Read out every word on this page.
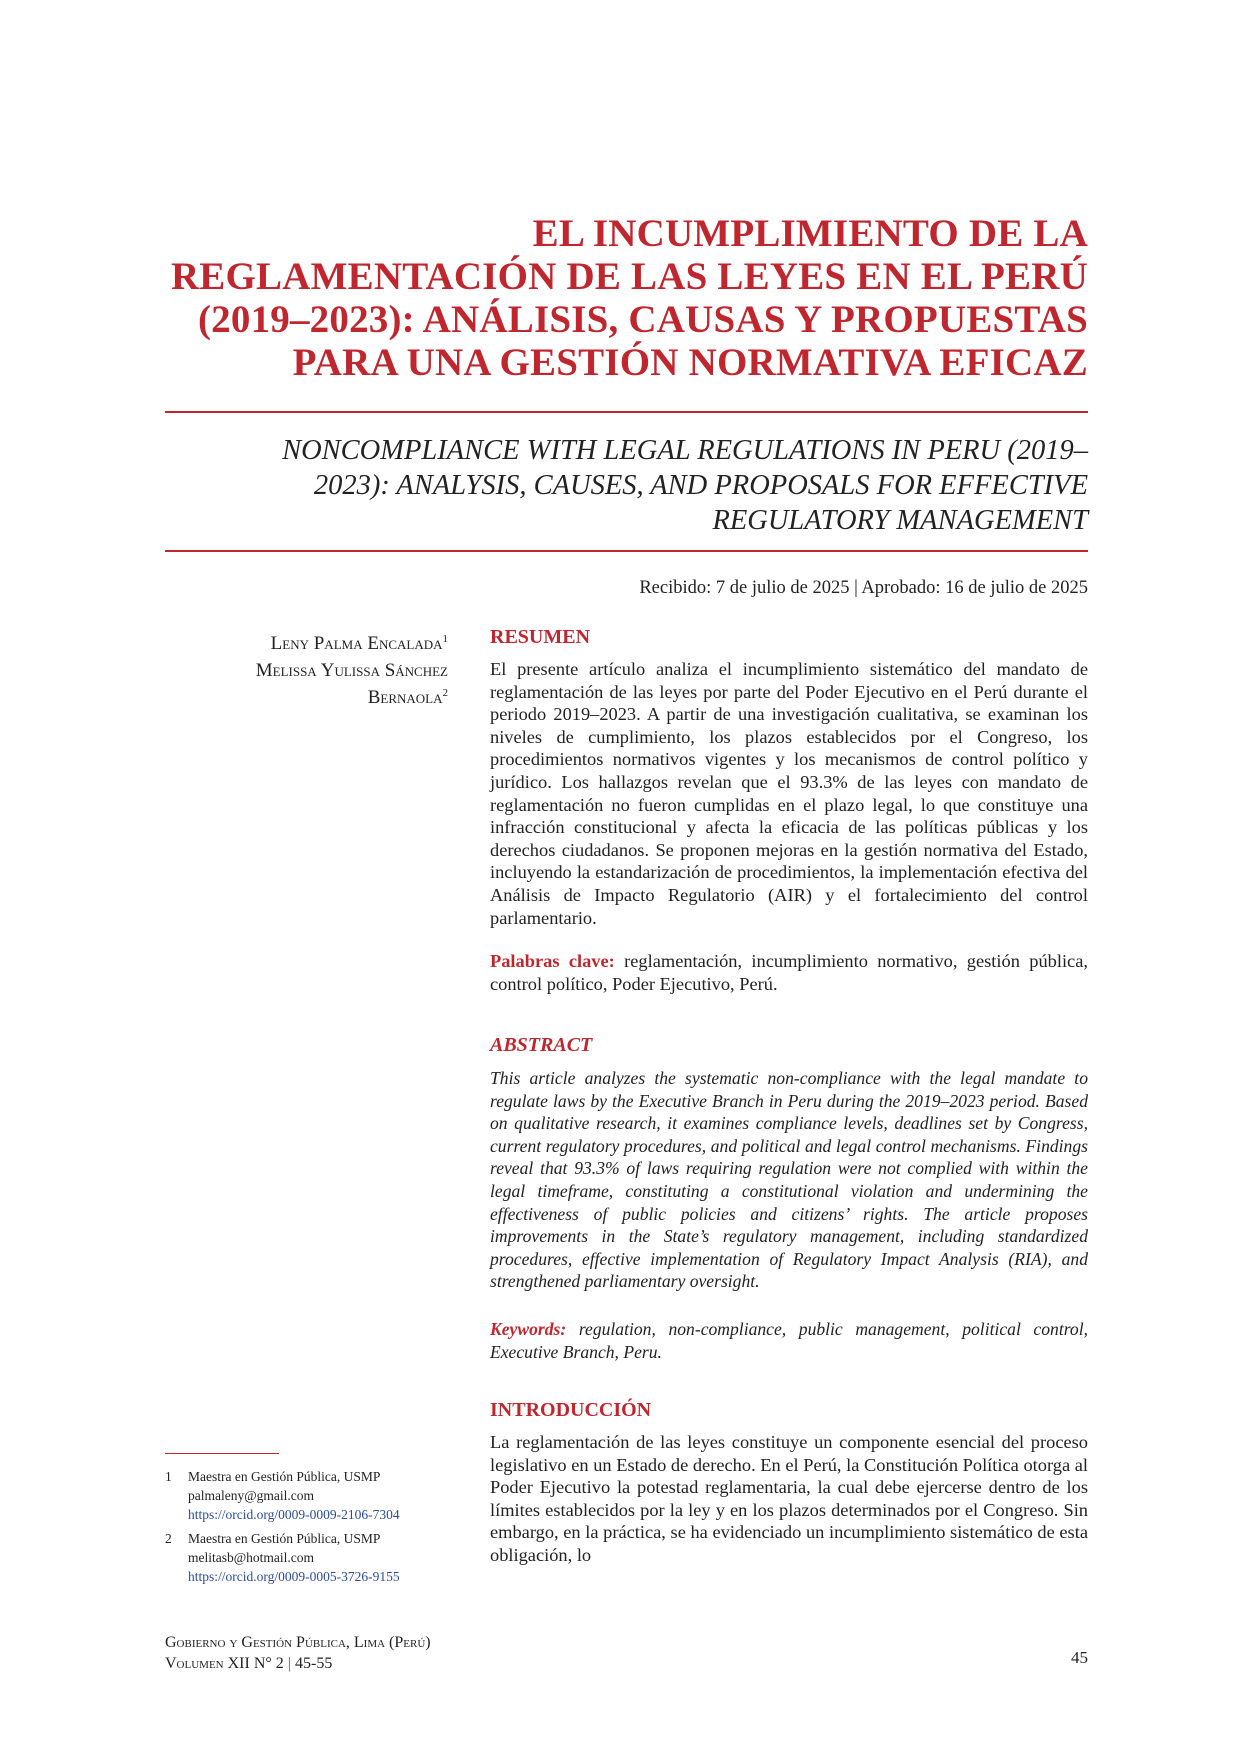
EL INCUMPLIMIENTO DE LA
REGLAMENTACIÓN DE LAS LEYES EN EL PERÚ
(2019–2023): ANÁLISIS, CAUSAS Y PROPUESTAS
PARA UNA GESTIÓN NORMATIVA EFICAZ
NONCOMPLIANCE WITH LEGAL REGULATIONS IN PERU (2019–
2023): ANALYSIS, CAUSES, AND PROPOSALS FOR EFFECTIVE
REGULATORY MANAGEMENT
Recibido: 7 de julio de 2025 | Aprobado: 16 de julio de 2025
Leny Palma Encalada$^1$
Melissa Yulissa Sánchez
Bernaola$^2$
RESUMEN
El presente artículo analiza el incumplimiento sistemático del mandato de reglamentación de las leyes por parte del Poder Ejecutivo en el Perú durante el periodo 2019–2023. A partir de una investigación cualitativa, se examinan los niveles de cumplimiento, los plazos establecidos por el Congreso, los procedimientos normativos vigentes y los mecanismos de control político y jurídico. Los hallazgos revelan que el 93.3% de las leyes con mandato de reglamentación no fueron cumplidas en el plazo legal, lo que constituye una infracción constitucional y afecta la eficacia de las políticas públicas y los derechos ciudadanos. Se proponen mejoras en la gestión normativa del Estado, incluyendo la estandarización de procedimientos, la implementación efectiva del Análisis de Impacto Regulatorio (AIR) y el fortalecimiento del control parlamentario.
Palabras clave: reglamentación, incumplimiento normativo, gestión pública, control político, Poder Ejecutivo, Perú.
ABSTRACT
This article analyzes the systematic non-compliance with the legal mandate to regulate laws by the Executive Branch in Peru during the 2019–2023 period. Based on qualitative research, it examines compliance levels, deadlines set by Congress, current regulatory procedures, and political and legal control mechanisms. Findings reveal that 93.3% of laws requiring regulation were not complied with within the legal timeframe, constituting a constitutional violation and undermining the effectiveness of public policies and citizens’ rights. The article proposes improvements in the State’s regulatory management, including standardized procedures, effective implementation of Regulatory Impact Analysis (RIA), and strengthened parliamentary oversight.
Keywords: regulation, non-compliance, public management, political control, Executive Branch, Peru.
INTRODUCCIÓN
La reglamentación de las leyes constituye un componente esencial del proceso legislativo en un Estado de derecho. En el Perú, la Constitución Política otorga al Poder Ejecutivo la potestad reglamentaria, la cual debe ejercerse dentro de los límites establecidos por la ley y en los plazos determinados por el Congreso. Sin embargo, en la práctica, se ha evidenciado un incumplimiento sistemático de esta obligación, lo
1 Maestra en Gestión Pública, USMP
palmaleny@gmail.com
https://orcid.org/0009-0009-2106-7304
2 Maestra en Gestión Pública, USMP
melitasb@hotmail.com
https://orcid.org/0009-0005-3726-9155
Gobierno y Gestión Pública, Lima (Perú)
Volumen XII N° 2 | 45-55	45
